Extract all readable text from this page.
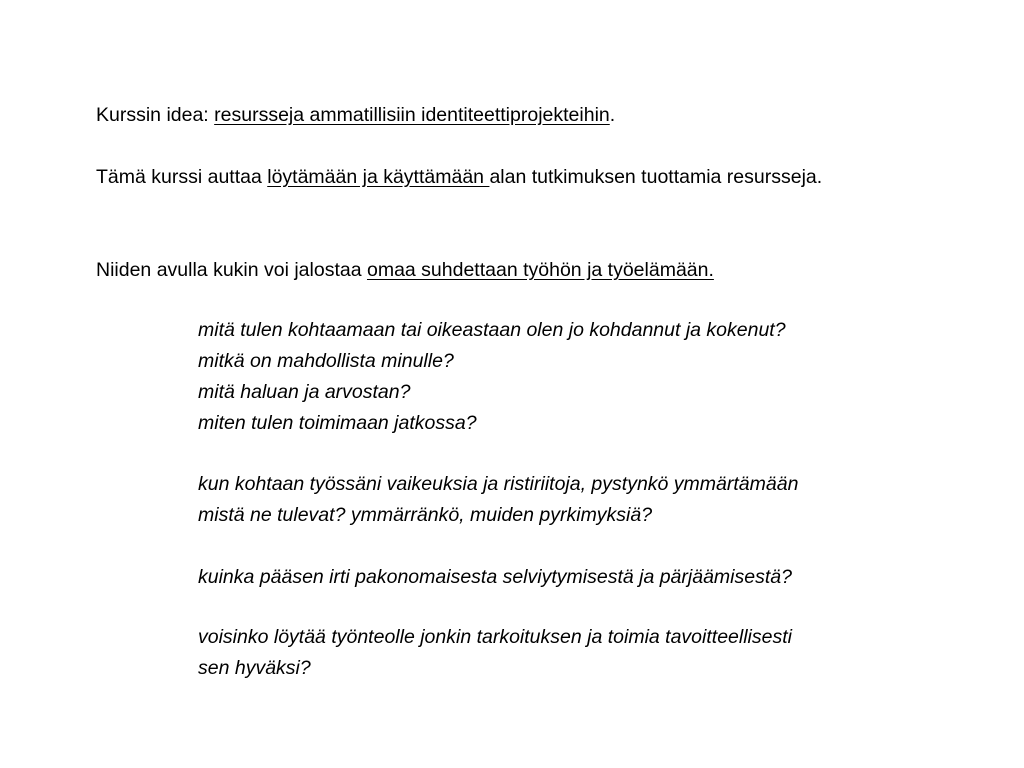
Kurssin idea: resursseja ammatillisiin identiteettiprojekteihin.
Tämä kurssi auttaa löytämään ja käyttämään alan tutkimuksen tuottamia resursseja.
Niiden avulla kukin voi jalostaa omaa suhdettaan työhön ja työelämään.
mitä tulen kohtaamaan tai oikeastaan olen jo kohdannut ja kokenut?
mitkä on mahdollista minulle?
mitä haluan ja arvostan?
miten tulen toimimaan jatkossa?
kun kohtaan työssäni vaikeuksia ja ristiriitoja, pystynkö ymmärtämään
mistä ne tulevat? ymmärränkö, muiden pyrkimyksiä?
kuinka pääsen irti pakonomaisesta selviytymisestä ja pärjäämisestä?
voisinko löytää työnteolle jonkin tarkoituksen ja toimia tavoitteellisesti
sen hyväksi?
